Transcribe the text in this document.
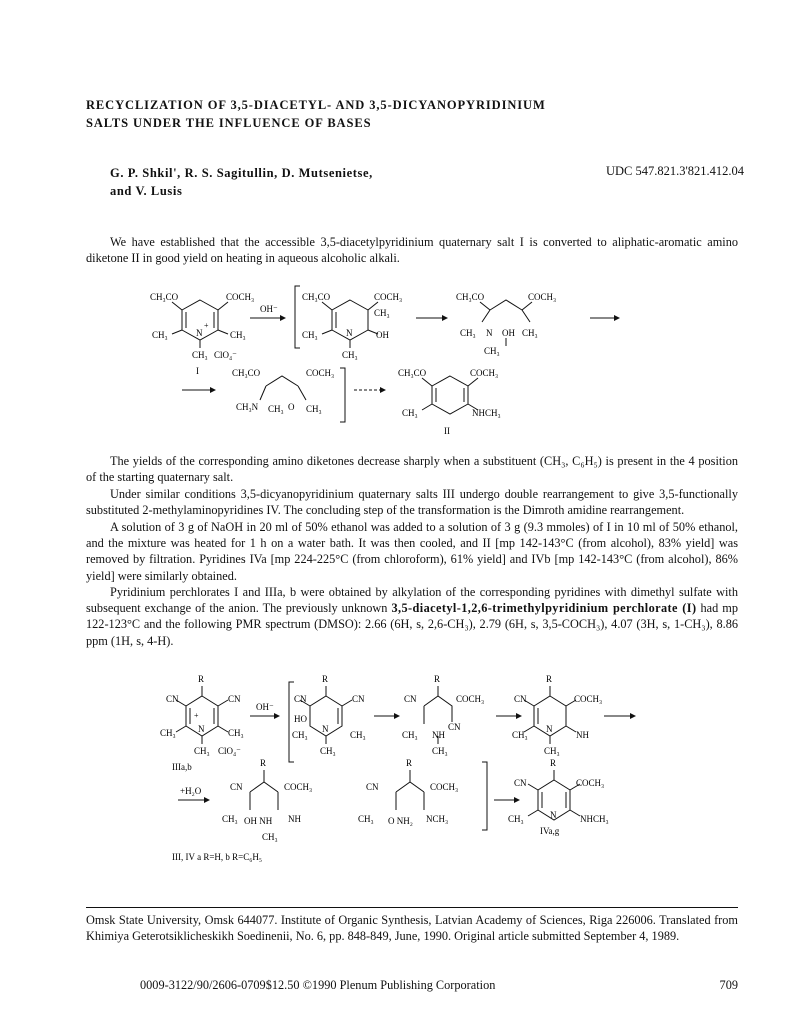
RECYCLIZATION OF 3,5-DIACETYL- AND 3,5-DICYANOPYRIDINIUM
SALTS UNDER THE INFLUENCE OF BASES
G. P. Shkil', R. S. Sagitullin, D. Mutsenietse,
and V. Lusis
UDC 547.821.3'821.412.04
We have established that the accessible 3,5-diacetylpyridinium quaternary salt I is converted to aliphatic-aromatic amino diketone II in good yield on heating in aqueous alcoholic alkali.
CH₃CO	COCH₃
CH₃	CH₃
N
+
CH₃ ClO₄⁻
I
OH⁻
CH₃CO	COCH₃
CH₃
CH₃	N	OH
CH₃
CH₃CO	COCH₃
CH₃ N OH CH₃
CH₃
CH₃CO	COCH₃
CH₃N CH₃ O CH₃
CH₃CO	COCH₃
CH₃	NHCH₃
II
The yields of the corresponding amino diketones decrease sharply when a substituent (CH₃, C₆H₅) is present in the 4 position of the starting quaternary salt.
Under similar conditions 3,5-dicyanopyridinium quaternary salts III undergo double rearrangement to give 3,5-functionally substituted 2-methylaminopyridines IV. The concluding step of the transformation is the Dimroth amidine rearrangement.
A solution of 3 g of NaOH in 20 ml of 50% ethanol was added to a solution of 3 g (9.3 mmoles) of I in 10 ml of 50% ethanol, and the mixture was heated for 1 h on a water bath. It was then cooled, and II [mp 142-143°C (from alcohol), 83% yield] was removed by filtration. Pyridines IVa [mp 224-225°C (from chloroform), 61% yield] and IVb [mp 142-143°C (from alcohol), 86% yield] were similarly obtained.
Pyridinium perchlorates I and IIIa, b were obtained by alkylation of the corresponding pyridines with dimethyl sulfate with subsequent exchange of the anion. The previously unknown 3,5-diacetyl-1,2,6-trimethylpyridinium perchlorate (I) had mp 122-123°C and the following PMR spectrum (DMSO): 2.66 (6H, s, 2,6-CH₃), 2.79 (6H, s, 3,5-COCH₃), 4.07 (3H, s, 1-CH₃), 8.86 ppm (1H, s, 4-H).
R
CN	CN
CH₃	CH₃
N
+
CH₃ ClO₄⁻
IIIa,b
OH⁻
R
CN	CN
HO
CH₃
N
CH₃
CH₃
R
CN	COCH₃
CN
CH₃ NH
CH₃
R
CN	COCH₃
CH₃
N
NH
CH₃
+H₂O
R
CN	COCH₃
CH₃ OH NH NH
CH₃
R
CN	COCH₃
CH₃ O NH₂ NCH₃
R
CN	COCH₃
CH₃	N	NHCH₃
IVa,g
III, IV a R=H, b R=C₆H₅
Omsk State University, Omsk 644077. Institute of Organic Synthesis, Latvian Academy of Sciences, Riga 226006. Translated from Khimiya Geterotsiklicheskikh Soedinenii, No. 6, pp. 848-849, June, 1990. Original article submitted September 4, 1989.
0009-3122/90/2606-0709$12.50 ©1990 Plenum Publishing Corporation	709
